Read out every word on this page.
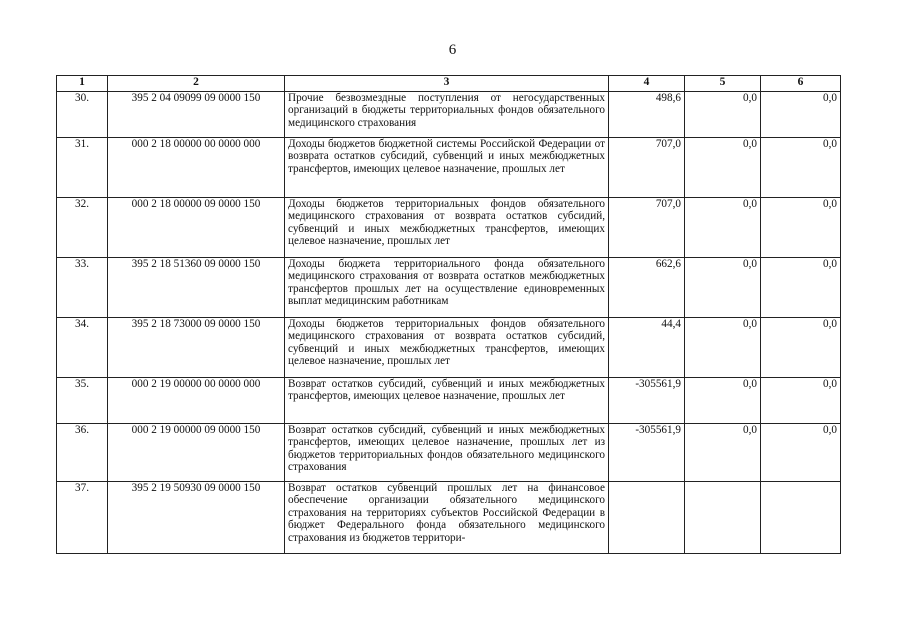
6
1	2	3	4	5	6
30.	395 2 04 09099 09 0000 150	Прочие безвозмездные поступления от негосударственных организаций в бюджеты территориальных фондов обязательного медицинского страхования	498,6	0,0	0,0
31.	000 2 18 00000 00 0000 000	Доходы бюджетов бюджетной системы Российской Федерации от возврата остатков субсидий, субвенций и иных межбюджетных трансфертов, имеющих целевое назначение, прошлых лет	707,0	0,0	0,0
32.	000 2 18 00000 09 0000 150	Доходы бюджетов территориальных фондов обязательного медицинского страхования от возврата остатков субсидий, субвенций и иных межбюджетных трансфертов, имеющих целевое назначение, прошлых лет	707,0	0,0	0,0
33.	395 2 18 51360 09 0000 150	Доходы бюджета территориального фонда обязательного медицинского страхования от возврата остатков межбюджетных трансфертов прошлых лет на осуществление единовременных выплат медицинским работникам	662,6	0,0	0,0
34.	395 2 18 73000 09 0000 150	Доходы бюджетов территориальных фондов обязательного медицинского страхования от возврата остатков субсидий, субвенций и иных межбюджетных трансфертов, имеющих целевое назначение, прошлых лет	44,4	0,0	0,0
35.	000 2 19 00000 00 0000 000	Возврат остатков субсидий, субвенций и иных межбюджетных трансфертов, имеющих целевое назначение, прошлых лет	-305561,9	0,0	0,0
36.	000 2 19 00000 09 0000 150	Возврат остатков субсидий, субвенций и иных межбюджетных трансфертов, имеющих целевое назначение, прошлых лет из бюджетов территориальных фондов обязательного медицинского страхования	-305561,9	0,0	0,0
37.	395 2 19 50930 09 0000 150	Возврат остатков субвенций прошлых лет на финансовое обеспечение организации обязательного медицинского страхования на территориях субъектов Российской Федерации в бюджет Федерального фонда обязательного медицинского страхования из бюджетов территори-			
